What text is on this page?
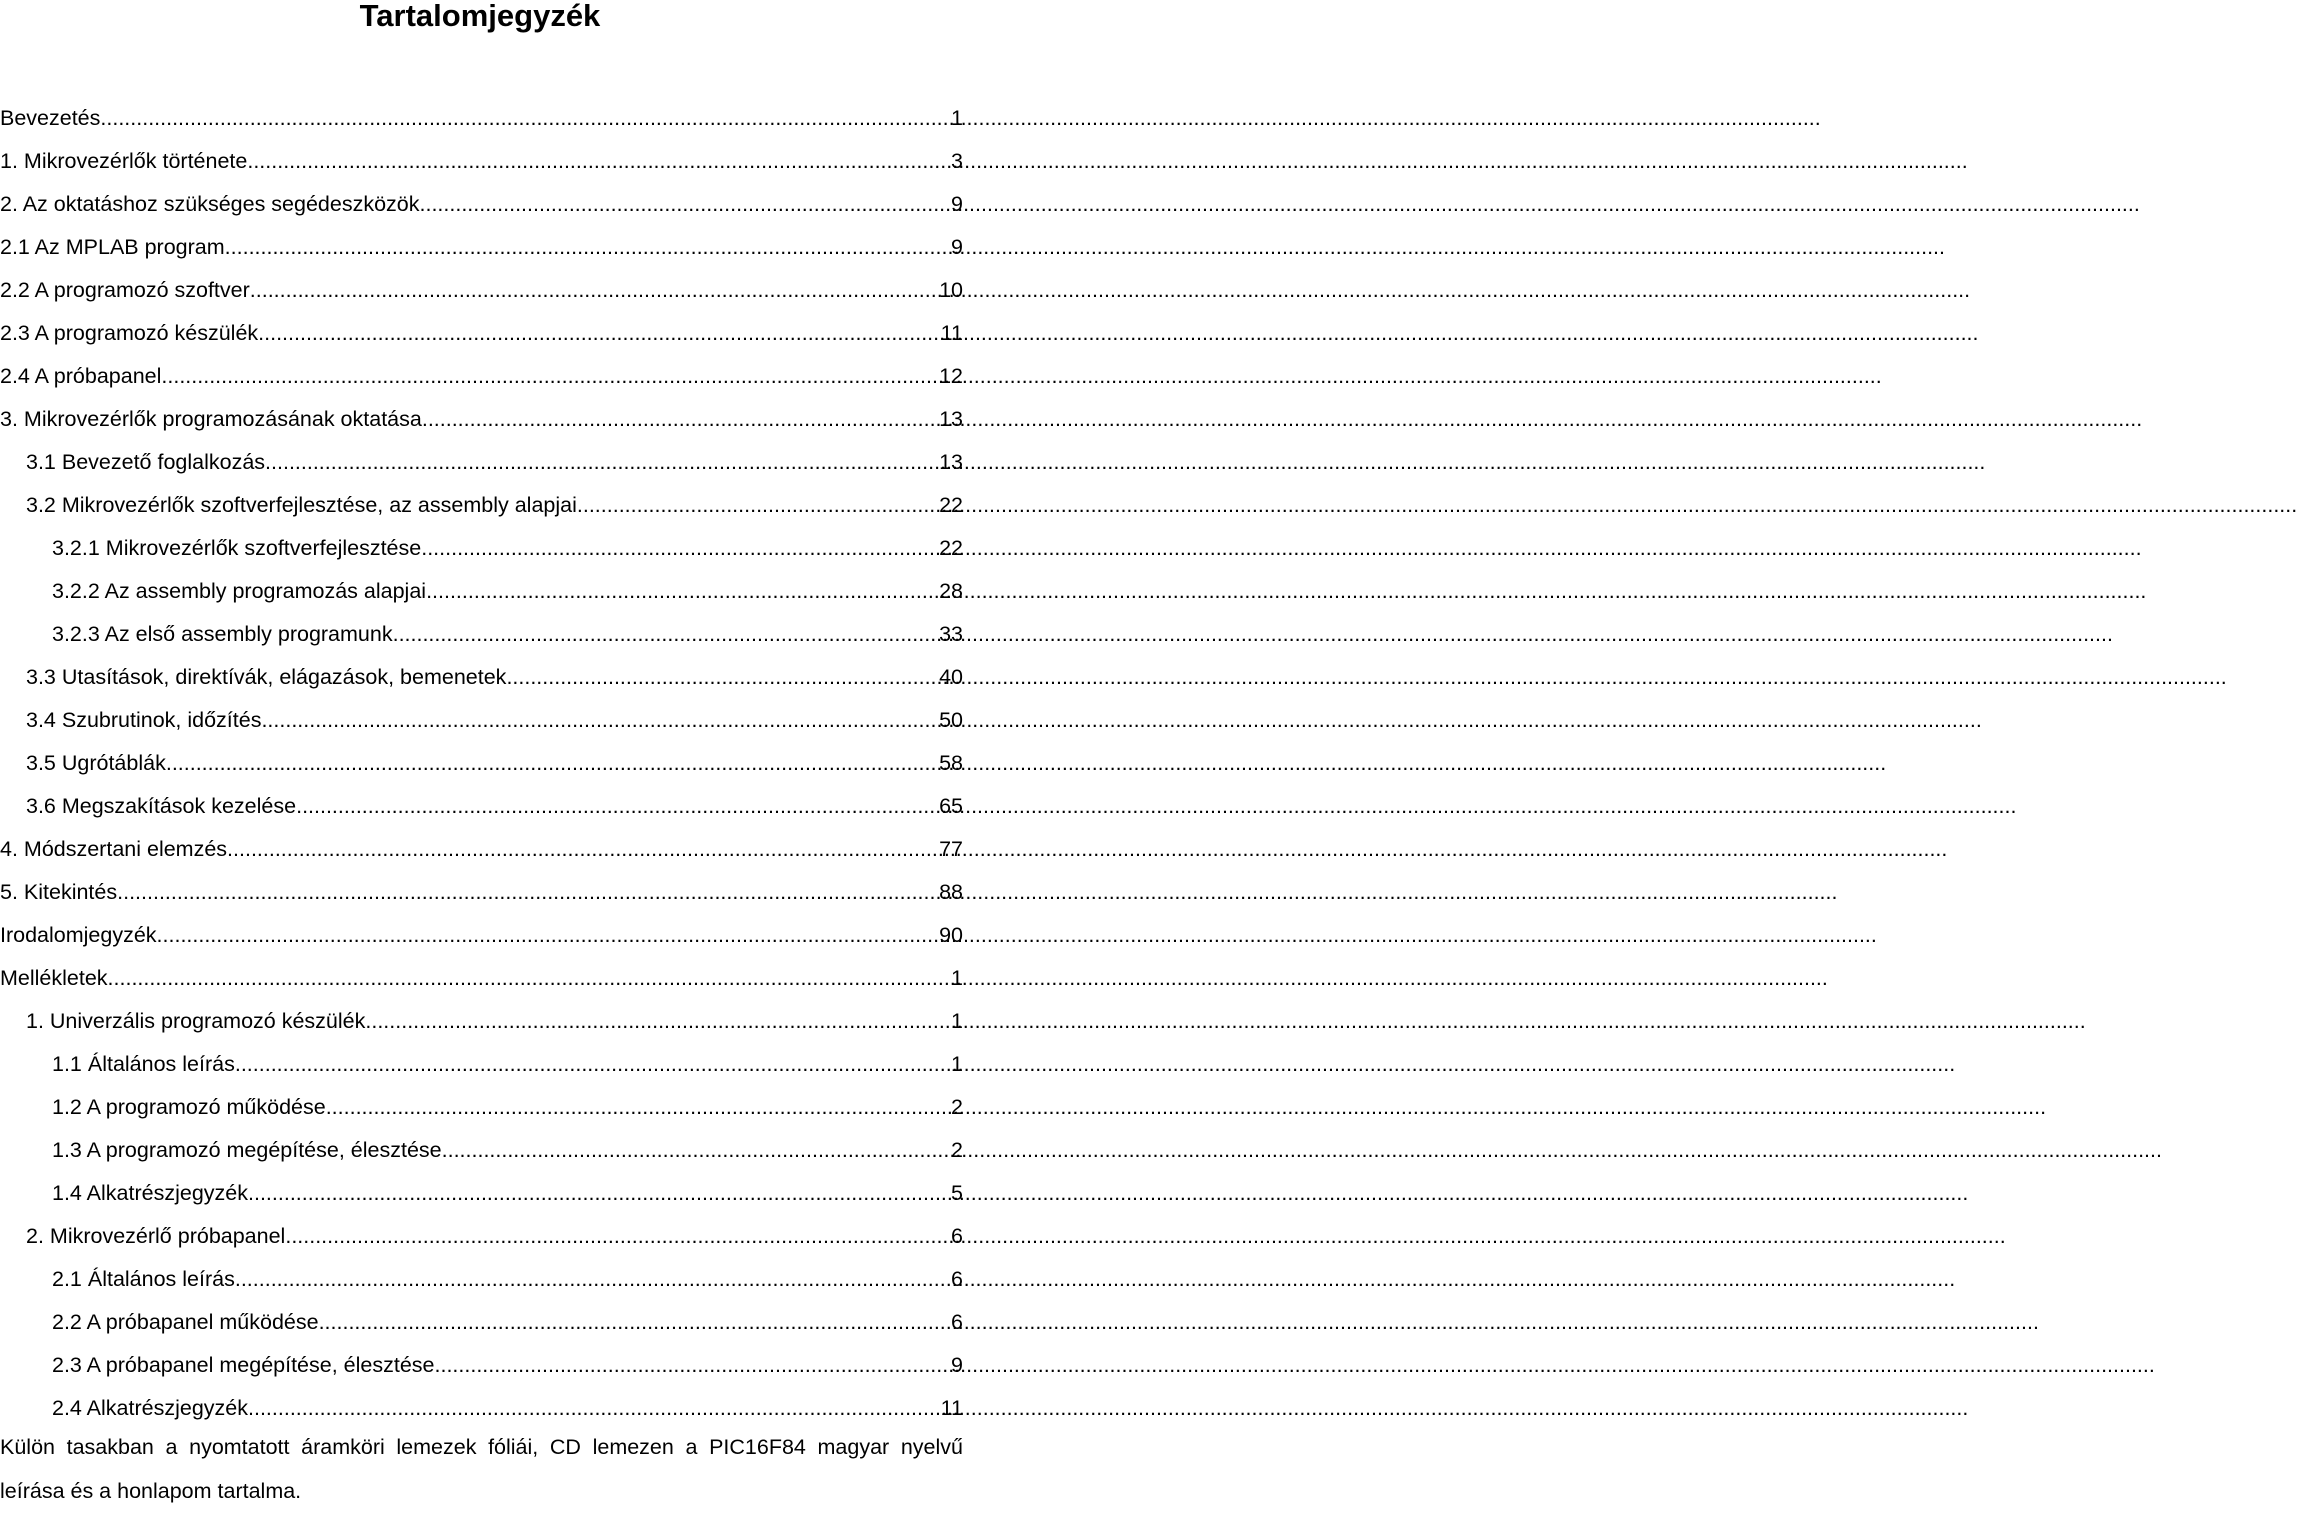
Tartalomjegyzék
Bevezetés .....	1
1. Mikrovezérlők története .....	3
2. Az oktatáshoz szükséges segédeszközök .....	9
2.1 Az MPLAB program .....	9
2.2 A programozó szoftver .....	10
2.3 A programozó készülék .....	11
2.4 A próbapanel .....	12
3. Mikrovezérlők programozásának oktatása .....	13
3.1 Bevezető foglalkozás .....	13
3.2 Mikrovezérlők szoftverfejlesztése, az assembly alapjai .....	22
3.2.1 Mikrovezérlők szoftverfejlesztése .....	22
3.2.2 Az assembly programozás alapjai .....	28
3.2.3 Az első assembly programunk .....	33
3.3 Utasítások, direktívák, elágazások, bemenetek .....	40
3.4 Szubrutinok, időzítés .....	50
3.5 Ugrótáblák .....	58
3.6 Megszakítások kezelése .....	65
4. Módszertani elemzés .....	77
5. Kitekintés .....	88
Irodalomjegyzék .....	90
Mellékletek .....	1
1. Univerzális programozó készülék .....	1
1.1 Általános leírás .....	1
1.2 A programozó működése .....	2
1.3 A programozó megépítése, élesztése .....	2
1.4 Alkatrészjegyzék .....	5
2. Mikrovezérlő próbapanel .....	6
2.1 Általános leírás .....	6
2.2 A próbapanel működése .....	6
2.3 A próbapanel megépítése, élesztése .....	9
2.4 Alkatrészjegyzék .....	11

Külön tasakban a nyomtatott áramköri lemezek fóliái, CD lemezen a PIC16F84 magyar nyelvű leírása és a honlapom tartalma.
